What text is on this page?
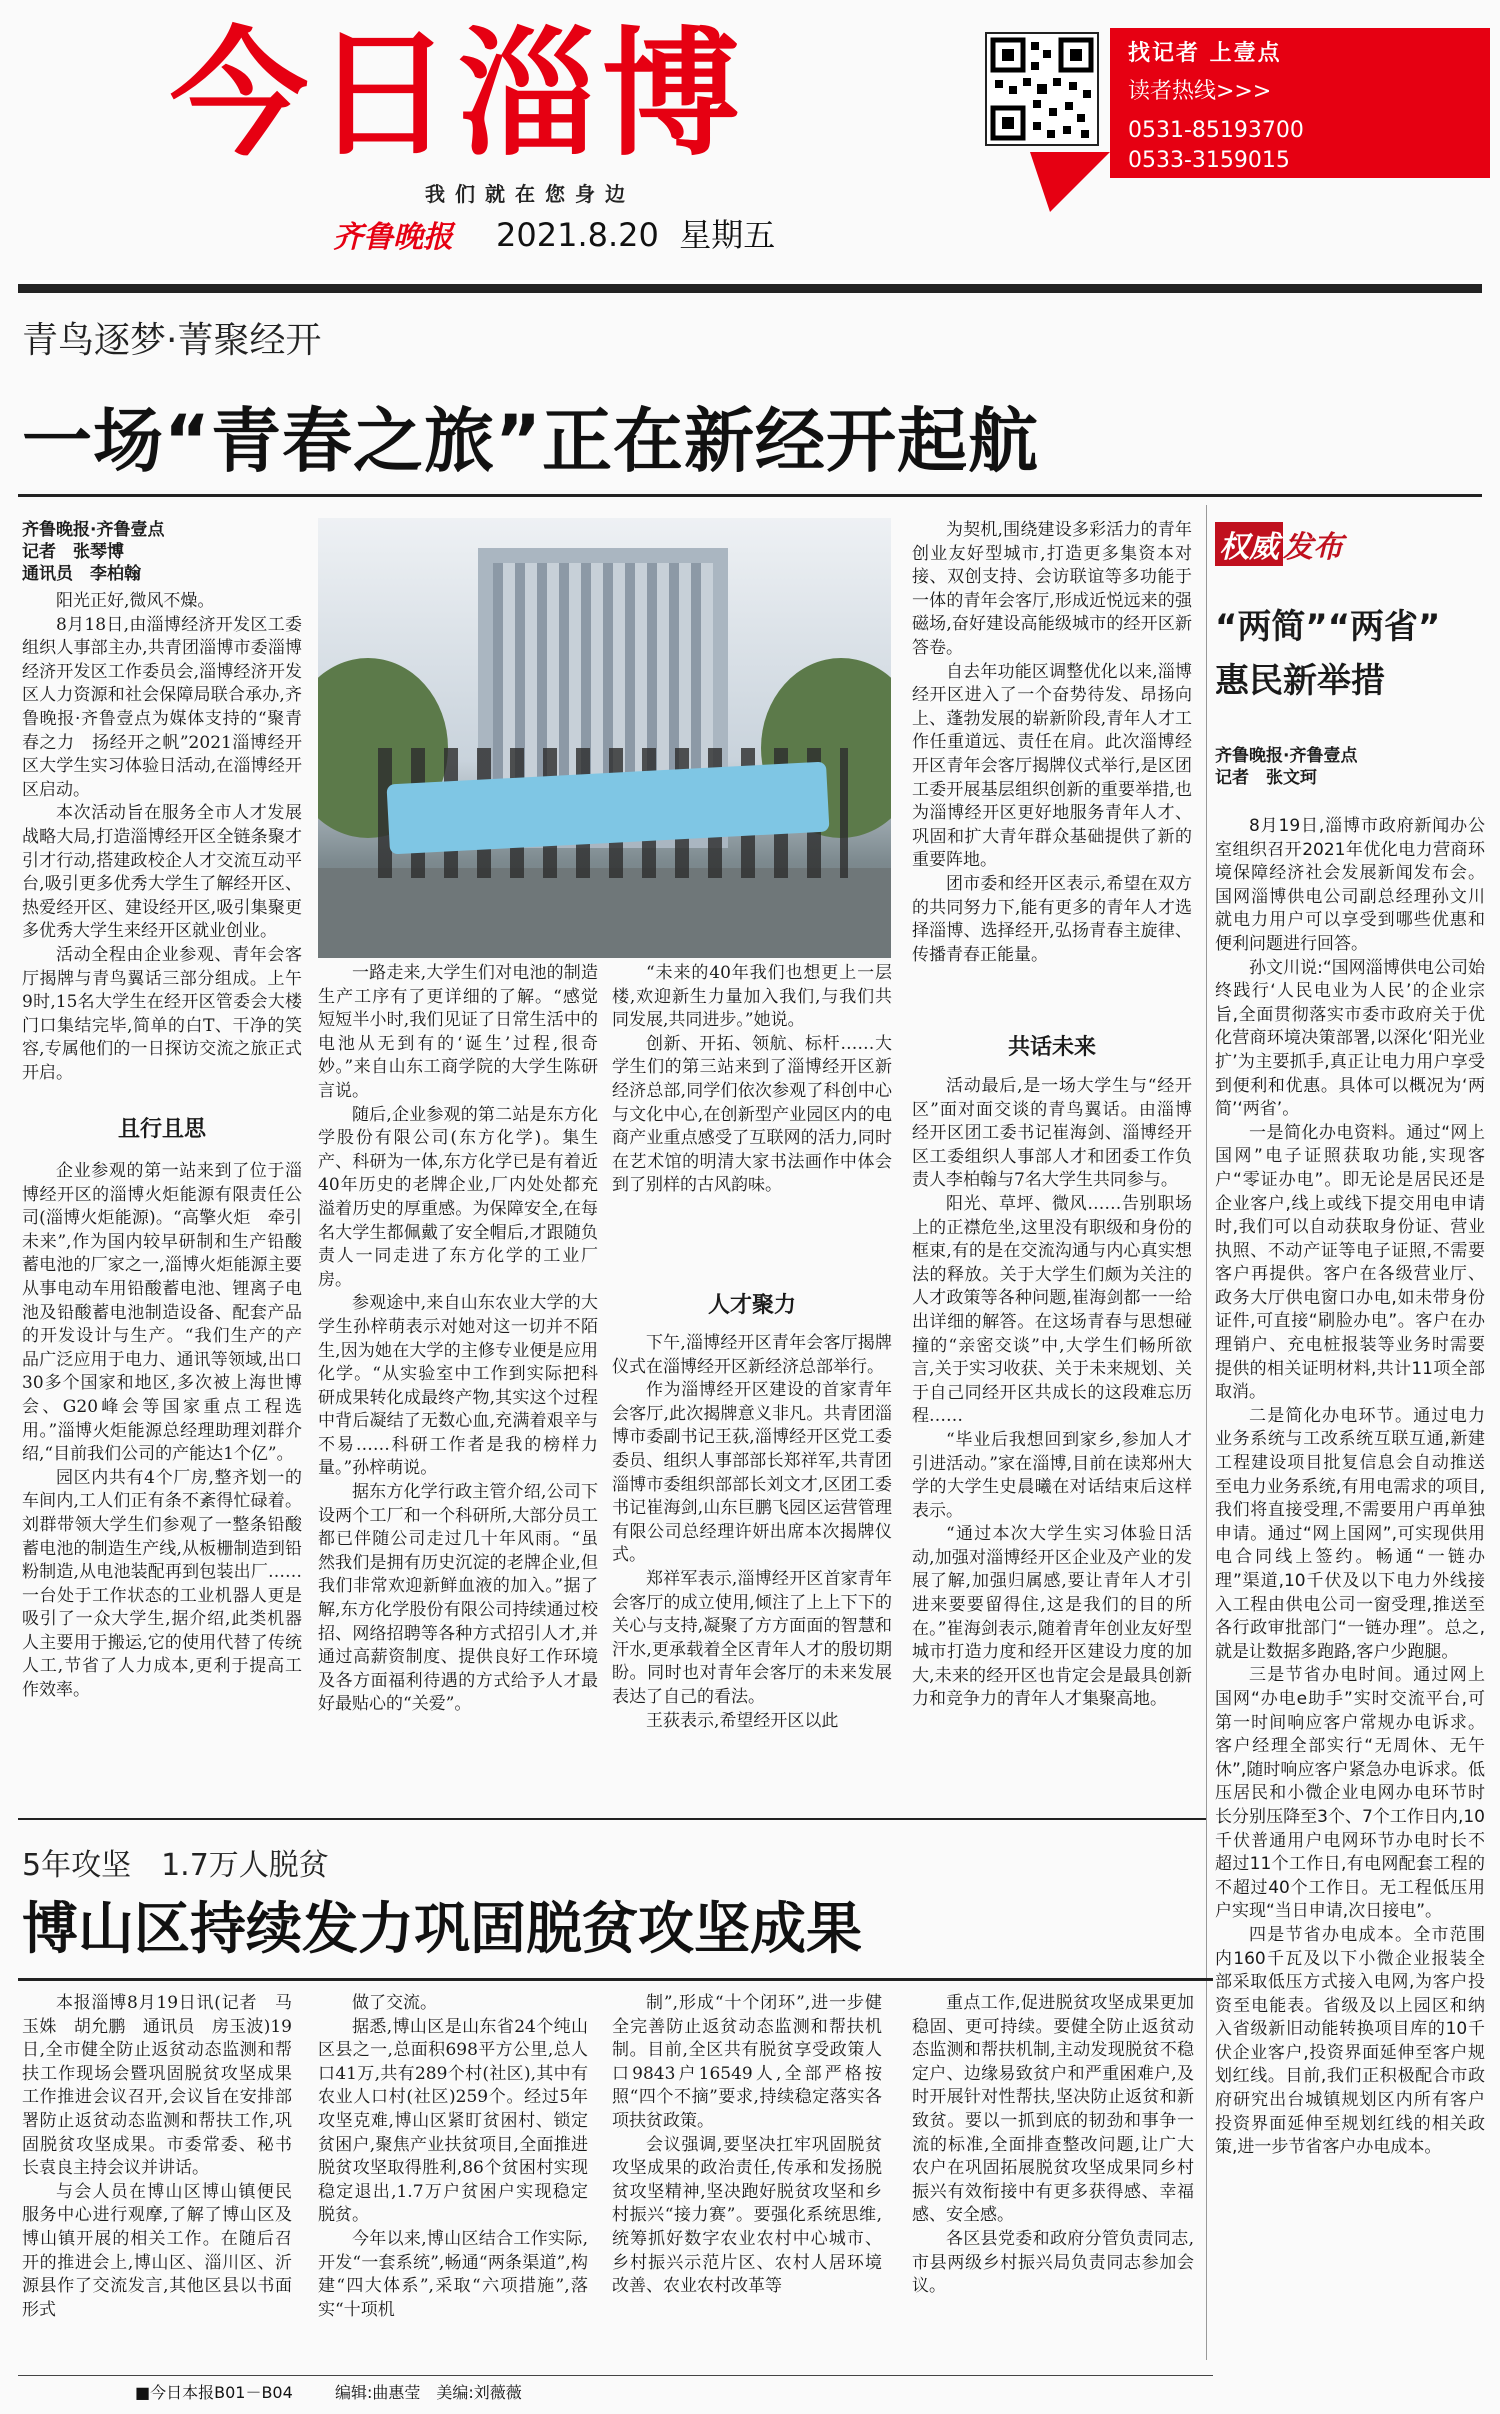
今日淄博
我们就在您身边
齐鲁晚报 2021.8.20 星期五
找记者 上壹点
读者热线>>>
0531-85193700
0533-3159015
青鸟逐梦·菁聚经开
一场“青春之旅”正在新经开起航
齐鲁晚报·齐鲁壹点
记者　张琴博
通讯员　李柏翰

阳光正好,微风不燥。

8月18日,由淄博经济开发区工委组织人事部主办,共青团淄博市委淄博经济开发区工作委员会,淄博经济开发区人力资源和社会保障局联合承办,齐鲁晚报·齐鲁壹点为媒体支持的“聚青春之力　扬经开之帆”2021淄博经开区大学生实习体验日活动,在淄博经开区启动。

本次活动旨在服务全市人才发展战略大局,打造淄博经开区全链条聚才引才行动,搭建政校企人才交流互动平台,吸引更多优秀大学生了解经开区、热爱经开区、建设经开区,吸引集聚更多优秀大学生来经开区就业创业。

活动全程由企业参观、青年会客厅揭牌与青鸟翼话三部分组成。上午9时,15名大学生在经开区管委会大楼门口集结完毕,简单的白T、干净的笑容,专属他们的一日探访交流之旅正式开启。

且行且思

企业参观的第一站来到了位于淄博经开区的淄博火炬能源有限责任公司(淄博火炬能源)。“高擎火炬　牵引未来”,作为国内较早研制和生产铅酸蓄电池的厂家之一,淄博火炬能源主要从事电动车用铅酸蓄电池、锂离子电池及铅酸蓄电池制造设备、配套产品的开发设计与生产。“我们生产的产品广泛应用于电力、通讯等领域,出口30多个国家和地区,多次被上海世博会、G20峰会等国家重点工程选用。”淄博火炬能源总经理助理刘群介绍,“目前我们公司的产能达1个亿”。

园区内共有4个厂房,整齐划一的车间内,工人们正有条不紊得忙碌着。刘群带领大学生们参观了一整条铅酸蓄电池的制造生产线,从板栅制造到铅粉制造,从电池装配再到包装出厂……一台处于工作状态的工业机器人更是吸引了一众大学生,据介绍,此类机器人主要用于搬运,它的使用代替了传统人工,节省了人力成本,更利于提高工作效率。

一路走来,大学生们对电池的制造生产工序有了更详细的了解。“感觉短短半小时,我们见证了日常生活中的电池从无到有的‘诞生’过程,很奇妙。”来自山东工商学院的大学生陈研言说。

随后,企业参观的第二站是东方化学股份有限公司(东方化学)。集生产、科研为一体,东方化学已是有着近40年历史的老牌企业,厂内处处都充溢着历史的厚重感。为保障安全,在每名大学生都佩戴了安全帽后,才跟随负责人一同走进了东方化学的工业厂房。

参观途中,来自山东农业大学的大学生孙梓萌表示对她对这一切并不陌生,因为她在大学的主修专业便是应用化学。“从实验室中工作到实际把科研成果转化成最终产物,其实这个过程中背后凝结了无数心血,充满着艰辛与不易……科研工作者是我的榜样力量。”孙梓萌说。

据东方化学行政主管介绍,公司下设两个工厂和一个科研所,大部分员工都已伴随公司走过几十年风雨。“虽然我们是拥有历史沉淀的老牌企业,但我们非常欢迎新鲜血液的加入。”据了解,东方化学股份有限公司持续通过校招、网络招聘等各种方式招引人才,并通过高薪资制度、提供良好工作环境及各方面福利待遇的方式给予人才最好最贴心的“关爱”。

“未来的40年我们也想更上一层楼,欢迎新生力量加入我们,与我们共同发展,共同进步。”她说。

创新、开拓、领航、标杆……大学生们的第三站来到了淄博经开区新经济总部,同学们依次参观了科创中心与文化中心,在创新型产业园区内的电商产业重点感受了互联网的活力,同时在艺术馆的明清大家书法画作中体会到了别样的古风韵味。

人才聚力

下午,淄博经开区青年会客厅揭牌仪式在淄博经开区新经济总部举行。

作为淄博经开区建设的首家青年会客厅,此次揭牌意义非凡。共青团淄博市委副书记王荻,淄博经开区党工委委员、组织人事部部长郑祥军,共青团淄博市委组织部部长刘文才,区团工委书记崔海剑,山东巨鹏飞园区运营管理有限公司总经理许妍出席本次揭牌仪式。

郑祥军表示,淄博经开区首家青年会客厅的成立使用,倾注了上上下下的关心与支持,凝聚了方方面面的智慧和汗水,更承载着全区青年人才的殷切期盼。同时也对青年会客厅的未来发展表达了自己的看法。

王荻表示,希望经开区以此

为契机,围绕建设多彩活力的青年创业友好型城市,打造更多集资本对接、双创支持、会访联谊等多功能于一体的青年会客厅,形成近悦远来的强磁场,奋好建设高能级城市的经开区新答卷。

自去年功能区调整优化以来,淄博经开区进入了一个奋势待发、昂扬向上、蓬勃发展的崭新阶段,青年人才工作任重道远、责任在肩。此次淄博经开区青年会客厅揭牌仪式举行,是区团工委开展基层组织创新的重要举措,也为淄博经开区更好地服务青年人才、巩固和扩大青年群众基础提供了新的重要阵地。

团市委和经开区表示,希望在双方的共同努力下,能有更多的青年人才选择淄博、选择经开,弘扬青春主旋律、传播青春正能量。

共话未来

活动最后,是一场大学生与“经开区”面对面交谈的青鸟翼话。由淄博经开区团工委书记崔海剑、淄博经开区工委组织人事部人才和团委工作负责人李柏翰与7名大学生共同参与。

阳光、草坪、微风……告别职场上的正襟危坐,这里没有职级和身份的框束,有的是在交流沟通与内心真实想法的释放。关于大学生们颇为关注的人才政策等各种问题,崔海剑都一一给出详细的解答。在这场青春与思想碰撞的“亲密交谈”中,大学生们畅所欲言,关于实习收获、关于未来规划、关于自己同经开区共成长的这段难忘历程……

“毕业后我想回到家乡,参加人才引进活动。”家在淄博,目前在读郑州大学的大学生史晨曦在对话结束后这样表示。

“通过本次大学生实习体验日活动,加强对淄博经开区企业及产业的发展了解,加强归属感,要让青年人才引进来要要留得住,这是我们的目的所在。”崔海剑表示,随着青年创业友好型城市打造力度和经开区建设力度的加大,未来的经开区也肯定会是最具创新力和竞争力的青年人才集聚高地。

权威 发布
“两简”“两省”
惠民新举措
齐鲁晚报·齐鲁壹点
记者　张文珂

8月19日,淄博市政府新闻办公室组织召开2021年优化电力营商环境保障经济社会发展新闻发布会。国网淄博供电公司副总经理孙文川就电力用户可以享受到哪些优惠和便利问题进行回答。

孙文川说:“国网淄博供电公司始终践行‘人民电业为人民’的企业宗旨,全面贯彻落实市委市政府关于优化营商环境决策部署,以深化‘阳光业扩’为主要抓手,真正让电力用户享受到便利和优惠。具体可以概况为‘两简’‘两省’。

一是简化办电资料。通过“网上国网”电子证照获取功能,实现客户“零证办电”。即无论是居民还是企业客户,线上或线下提交用电申请时,我们可以自动获取身份证、营业执照、不动产证等电子证照,不需要客户再提供。客户在各级营业厅、政务大厅供电窗口办电,如未带身份证件,可直接“刷脸办电”。客户在办理销户、充电桩报装等业务时需要提供的相关证明材料,共计11项全部取消。

二是简化办电环节。通过电力业务系统与工改系统互联互通,新建工程建设项目批复信息会自动推送至电力业务系统,有用电需求的项目,我们将直接受理,不需要用户再单独申请。通过“网上国网”,可实现供用电合同线上签约。畅通“一链办理”渠道,10千伏及以下电力外线接入工程由供电公司一窗受理,推送至各行政审批部门“一链办理”。总之,就是让数据多跑路,客户少跑腿。

三是节省办电时间。通过网上国网“办电e助手”实时交流平台,可第一时间响应客户常规办电诉求。客户经理全部实行“无周休、无午休”,随时响应客户紧急办电诉求。低压居民和小微企业电网办电环节时长分别压降至3个、7个工作日内,10千伏普通用户电网环节办电时长不超过11个工作日,有电网配套工程的不超过40个工作日。无工程低压用户实现“当日申请,次日接电”。

四是节省办电成本。全市范围内160千瓦及以下小微企业报装全部采取低压方式接入电网,为客户投资至电能表。省级及以上园区和纳入省级新旧动能转换项目库的10千伏企业客户,投资界面延伸至客户规划红线。目前,我们正积极配合市政府研究出台城镇规划区内所有客户投资界面延伸至规划红线的相关政策,进一步节省客户办电成本。

5年攻坚　1.7万人脱贫
博山区持续发力巩固脱贫攻坚成果

本报淄博8月19日讯(记者　马玉姝　胡允鹏　通讯员　房玉波)19日,全市健全防止返贫动态监测和帮扶工作现场会暨巩固脱贫攻坚成果工作推进会议召开,会议旨在安排部署防止返贫动态监测和帮扶工作,巩固脱贫攻坚成果。市委常委、秘书长袁良主持会议并讲话。

与会人员在博山区博山镇便民服务中心进行观摩,了解了博山区及博山镇开展的相关工作。在随后召开的推进会上,博山区、淄川区、沂源县作了交流发言,其他区县以书面形式

做了交流。

据悉,博山区是山东省24个纯山区县之一,总面积698平方公里,总人口41万,共有289个村(社区),其中有农业人口村(社区)259个。经过5年攻坚克难,博山区紧盯贫困村、锁定贫困户,聚焦产业扶贫项目,全面推进脱贫攻坚取得胜利,86个贫困村实现稳定退出,1.7万户贫困户实现稳定脱贫。

今年以来,博山区结合工作实际,开发“一套系统”,畅通“两条渠道”,构建“四大体系”,采取“六项措施”,落实“十项机

制”,形成“十个闭环”,进一步健全完善防止返贫动态监测和帮扶机制。目前,全区共有脱贫享受政策人口9843户16549人,全部严格按照“四个不摘”要求,持续稳定落实各项扶贫政策。

会议强调,要坚决扛牢巩固脱贫攻坚成果的政治责任,传承和发扬脱贫攻坚精神,坚决跑好脱贫攻坚和乡村振兴“接力赛”。要强化系统思维,统筹抓好数字农业农村中心城市、乡村振兴示范片区、农村人居环境改善、农业农村改革等

重点工作,促进脱贫攻坚成果更加稳固、更可持续。要健全防止返贫动态监测和帮扶机制,主动发现脱贫不稳定户、边缘易致贫户和严重困难户,及时开展针对性帮扶,坚决防止返贫和新致贫。要以一抓到底的韧劲和事争一流的标准,全面排查整改问题,让广大农户在巩固拓展脱贫攻坚成果同乡村振兴有效衔接中有更多获得感、幸福感、安全感。

各区县党委和政府分管负责同志,市县两级乡村振兴局负责同志参加会议。

■今日本报B01－B04	编辑:曲惠莹　美编:刘薇薇
